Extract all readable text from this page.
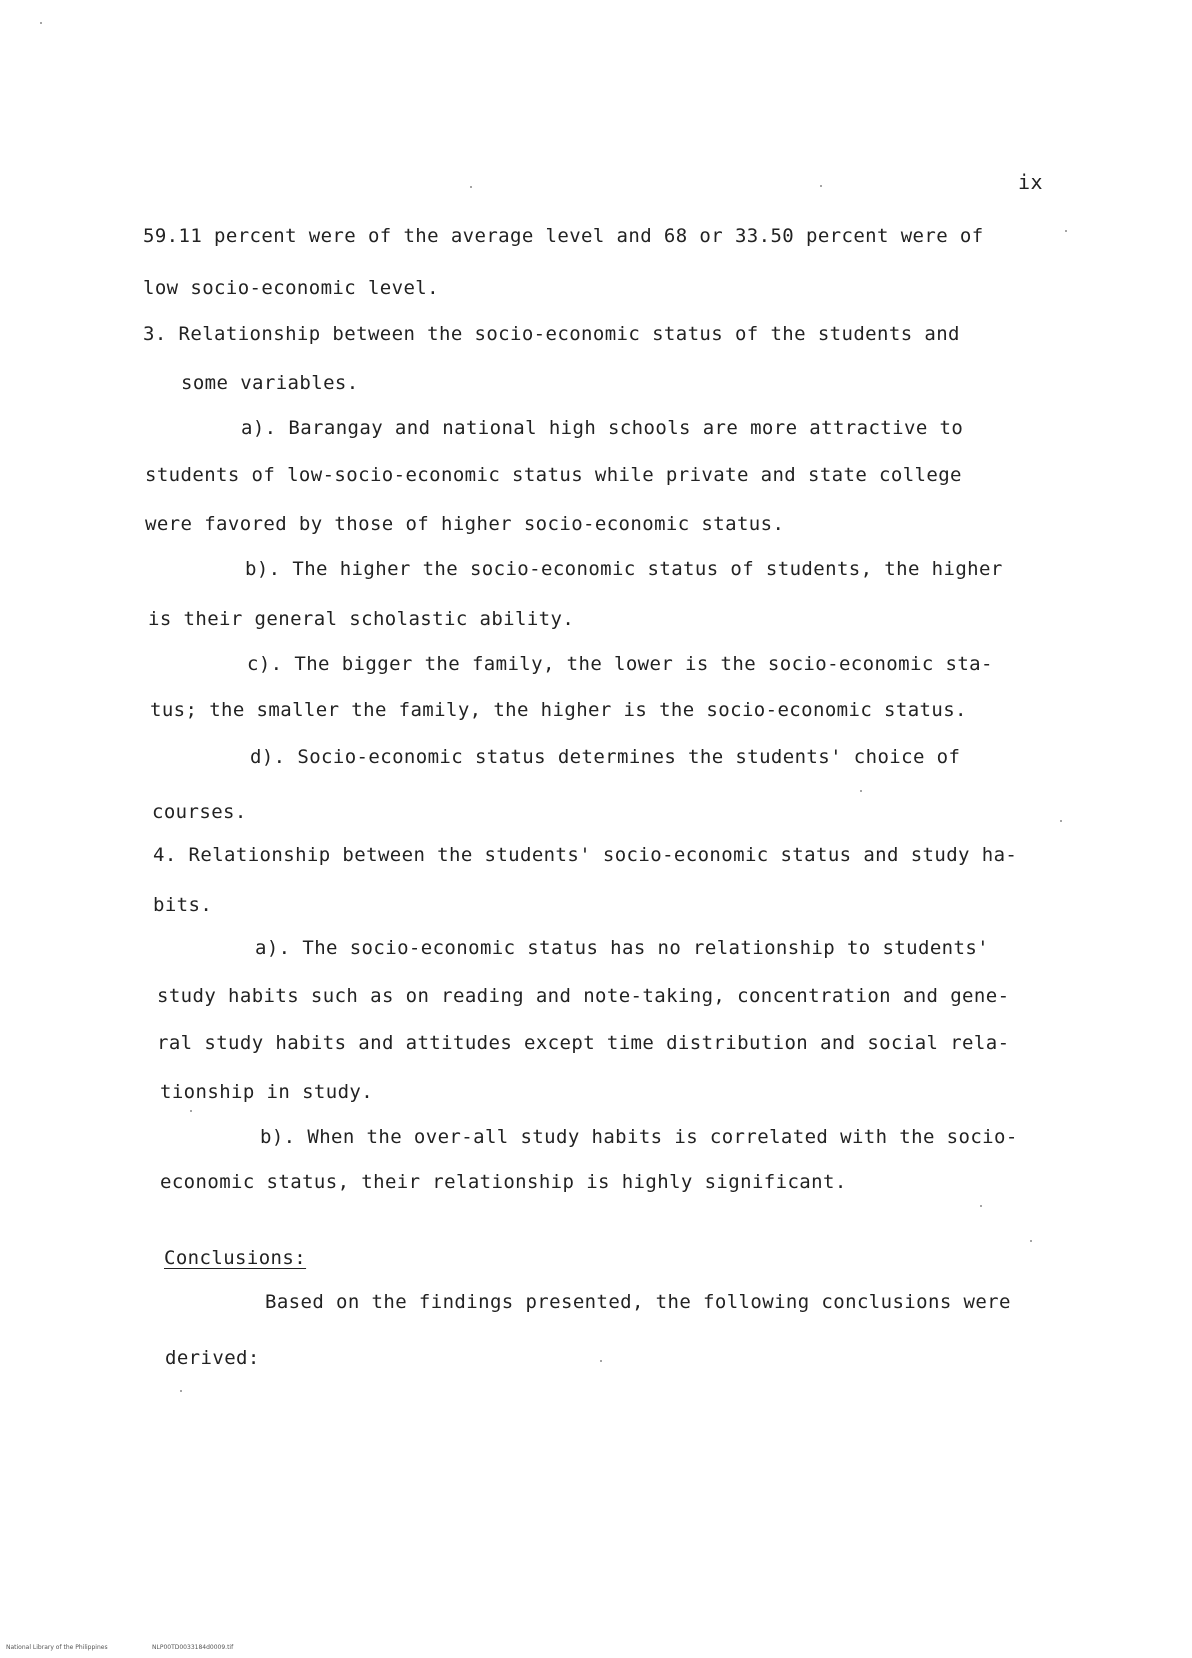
ix
59.11 percent were of the average level and 68 or 33.50 percent were of
low socio-economic level.
3. Relationship between the socio-economic status of the students and
some variables.
a). Barangay and national high schools are more attractive to
students of low-socio-economic status while private and state college
were favored by those of higher socio-economic status.
b). The higher the socio-economic status of students, the higher
is their general scholastic ability.
c). The bigger the family, the lower is the socio-economic sta-
tus; the smaller the family, the higher is the socio-economic status.
d). Socio-economic status determines the students' choice of
courses.
4. Relationship between the students' socio-economic status and study ha-
bits.
a). The socio-economic status has no relationship to students'
study habits such as on reading and note-taking, concentration and gene-
ral study habits and attitudes except time distribution and social rela-
tionship in study.
b). When the over-all study habits is correlated with the socio-
economic status, their relationship is highly significant.
Conclusions:
Based on the findings presented, the following conclusions were
derived:
National Library of the Philippines	NLP00TD0033184d0009.tif
